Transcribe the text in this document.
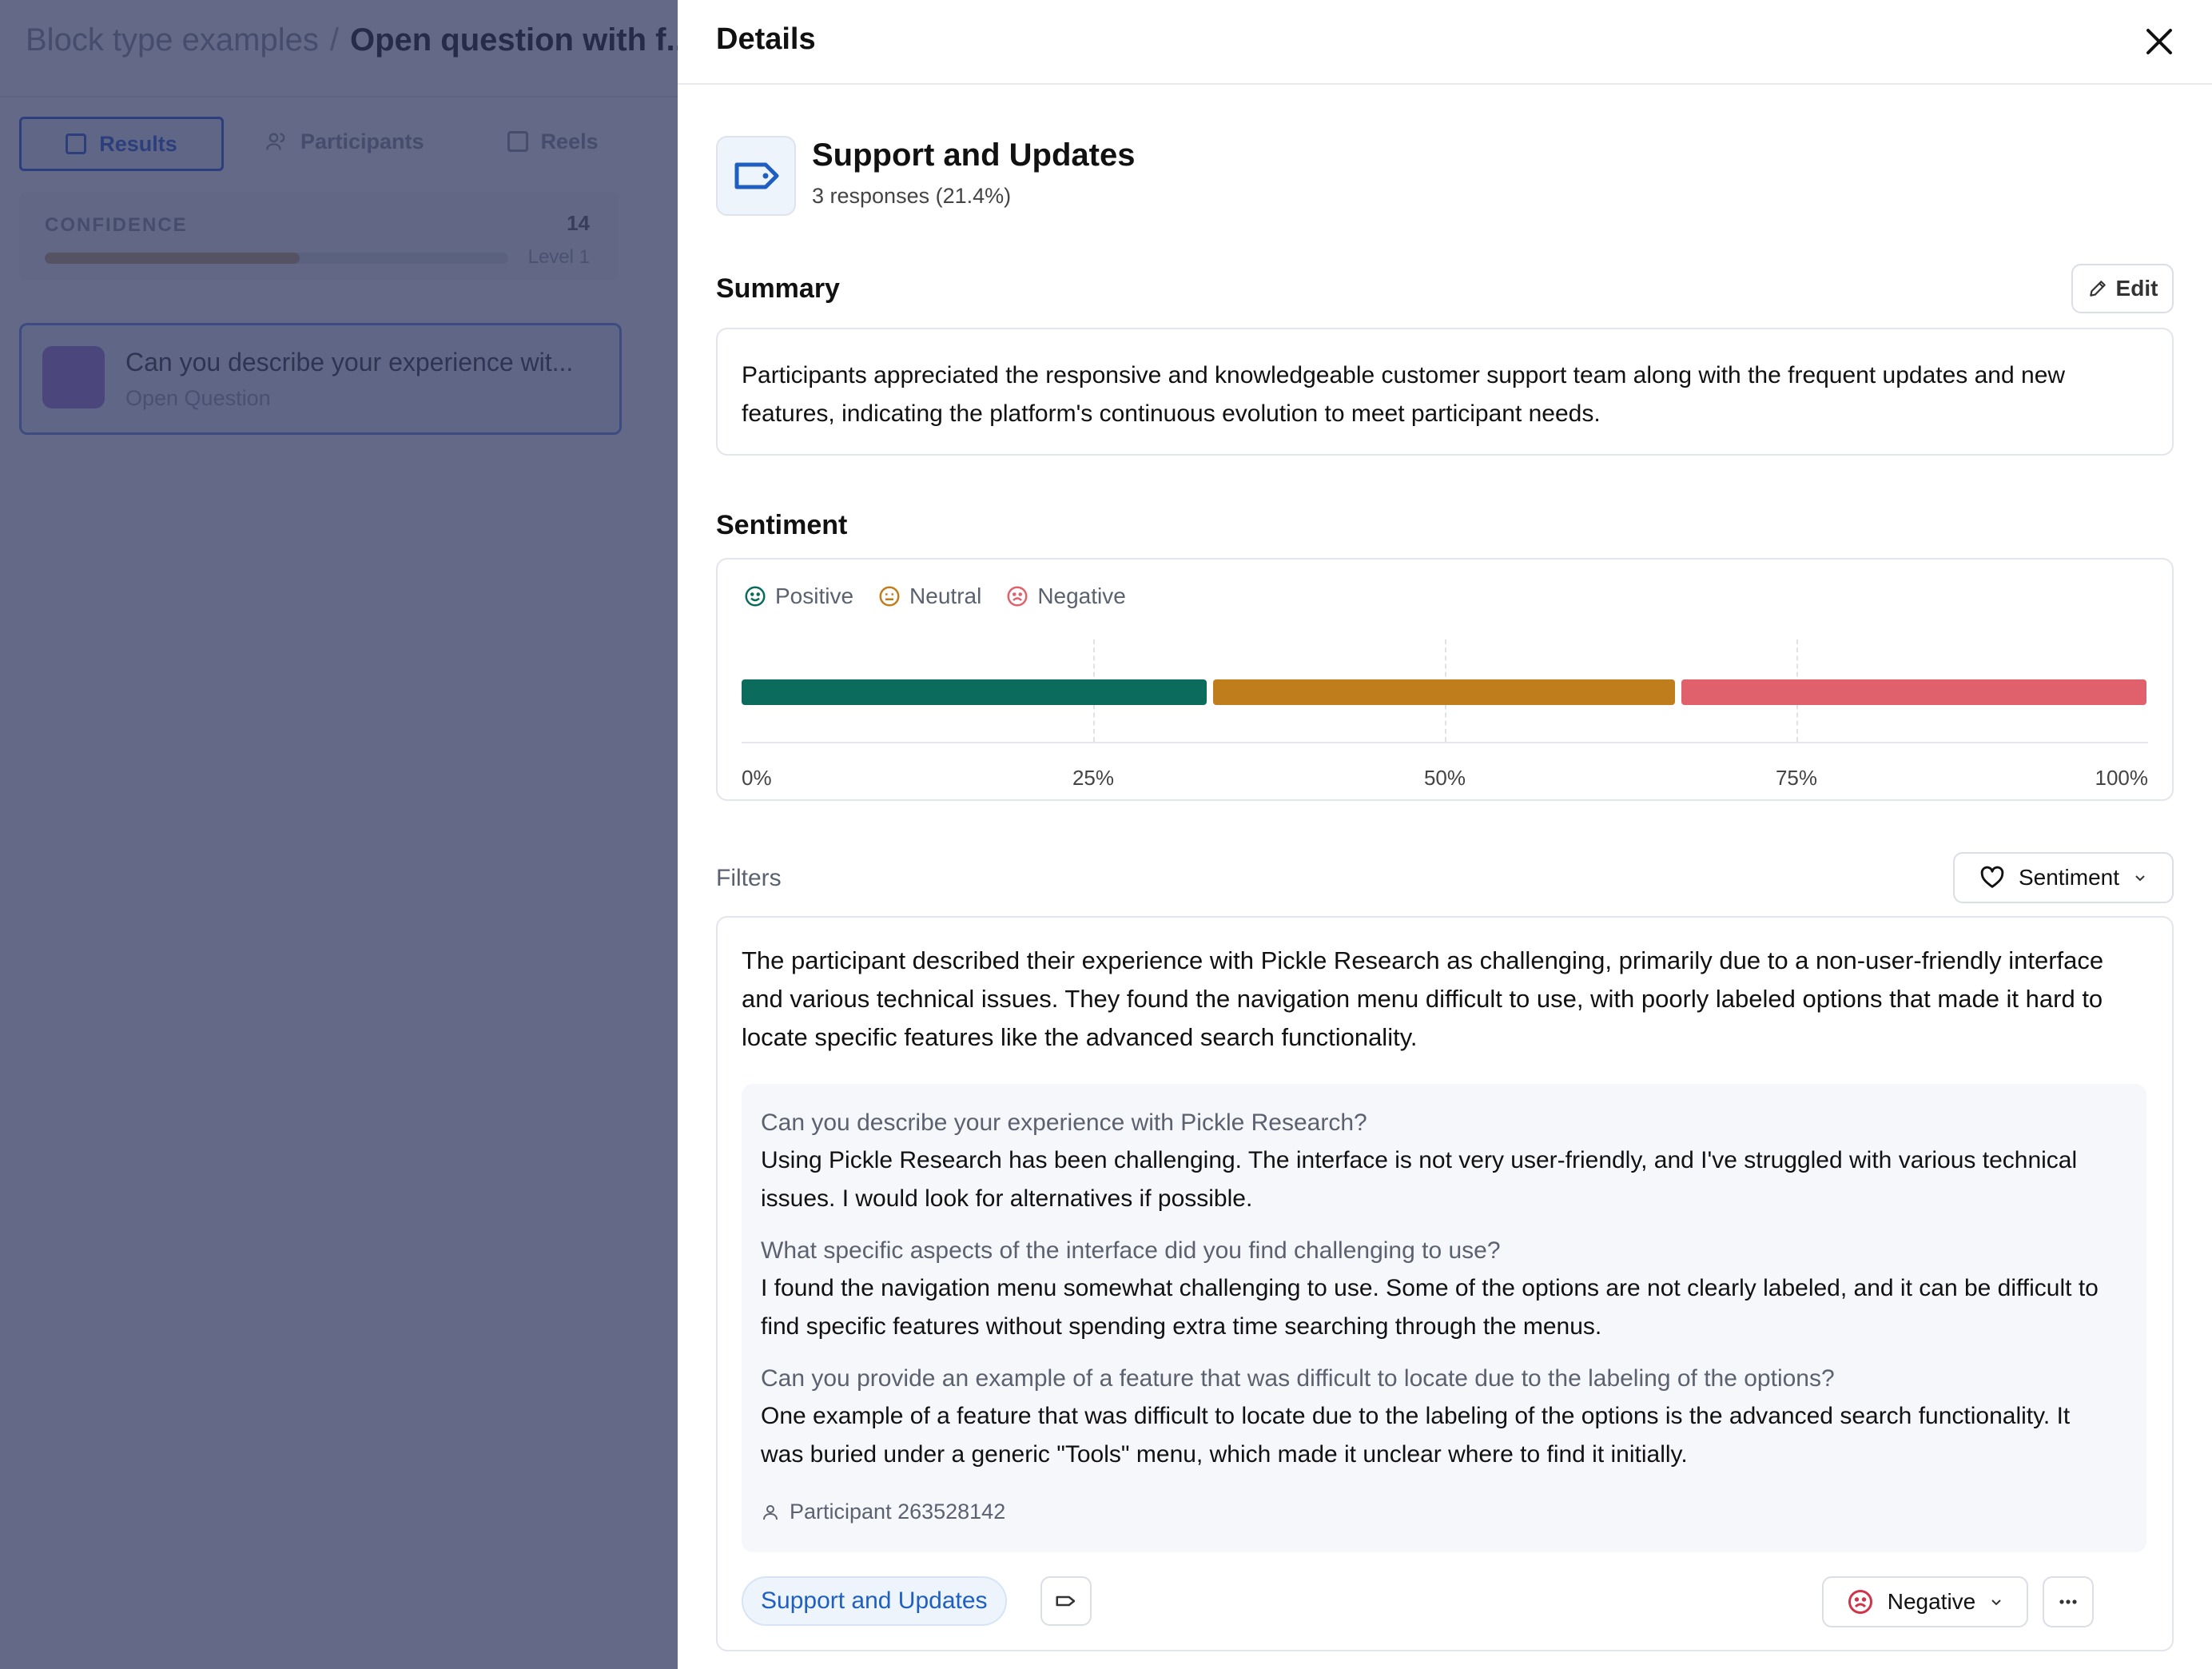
Details
Support and Updates
3 responses (21.4%)
Summary	Edit
Participants appreciated the responsive and knowledgeable customer support team along with the frequent updates and new features, indicating the platform's continuous evolution to meet participant needs.
Sentiment
Positive	Neutral	Negative
0%	25%	50%	75%	100%
Filters	Sentiment
The participant described their experience with Pickle Research as challenging, primarily due to a non-user-friendly interface and various technical issues. They found the navigation menu difficult to use, with poorly labeled options that made it hard to locate specific features like the advanced search functionality.
Can you describe your experience with Pickle Research?
Using Pickle Research has been challenging. The interface is not very user-friendly, and I've struggled with various technical issues. I would look for alternatives if possible.
What specific aspects of the interface did you find challenging to use?
I found the navigation menu somewhat challenging to use. Some of the options are not clearly labeled, and it can be difficult to find specific features without spending extra time searching through the menus.
Can you provide an example of a feature that was difficult to locate due to the labeling of the options?
One example of a feature that was difficult to locate due to the labeling of the options is the advanced search functionality. It was buried under a generic "Tools" menu, which made it unclear where to find it initially.
Participant 263528142
Support and Updates	Negative
